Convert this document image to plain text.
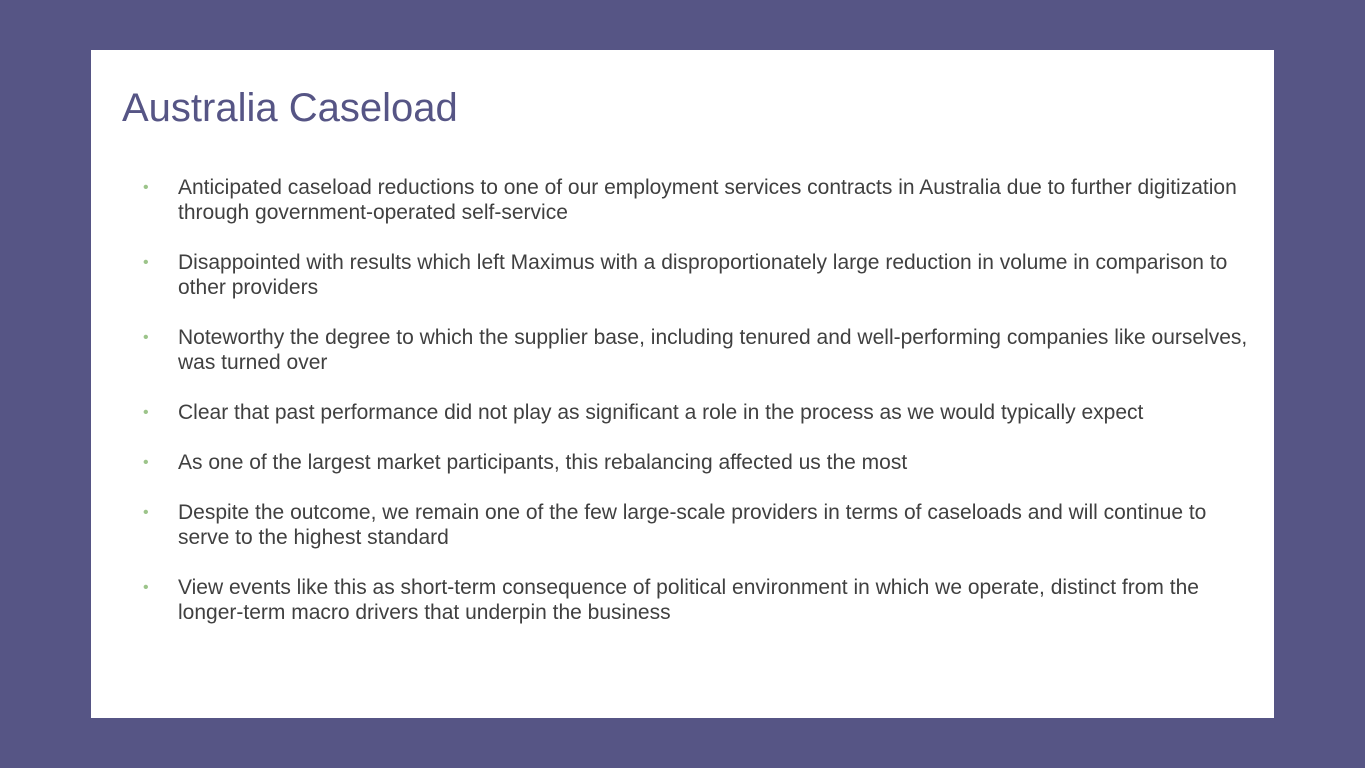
Australia Caseload
•	Anticipated caseload reductions to one of our employment services contracts in Australia due to further digitization through government-operated self-service
•	Disappointed with results which left Maximus with a disproportionately large reduction in volume in comparison to other providers
•	Noteworthy the degree to which the supplier base, including tenured and well-performing companies like ourselves, was turned over
•	Clear that past performance did not play as significant a role in the process as we would typically expect
•	As one of the largest market participants, this rebalancing affected us the most
•	Despite the outcome, we remain one of the few large-scale providers in terms of caseloads and will continue to serve to the highest standard
•	View events like this as short-term consequence of political environment in which we operate, distinct from the longer-term macro drivers that underpin the business
